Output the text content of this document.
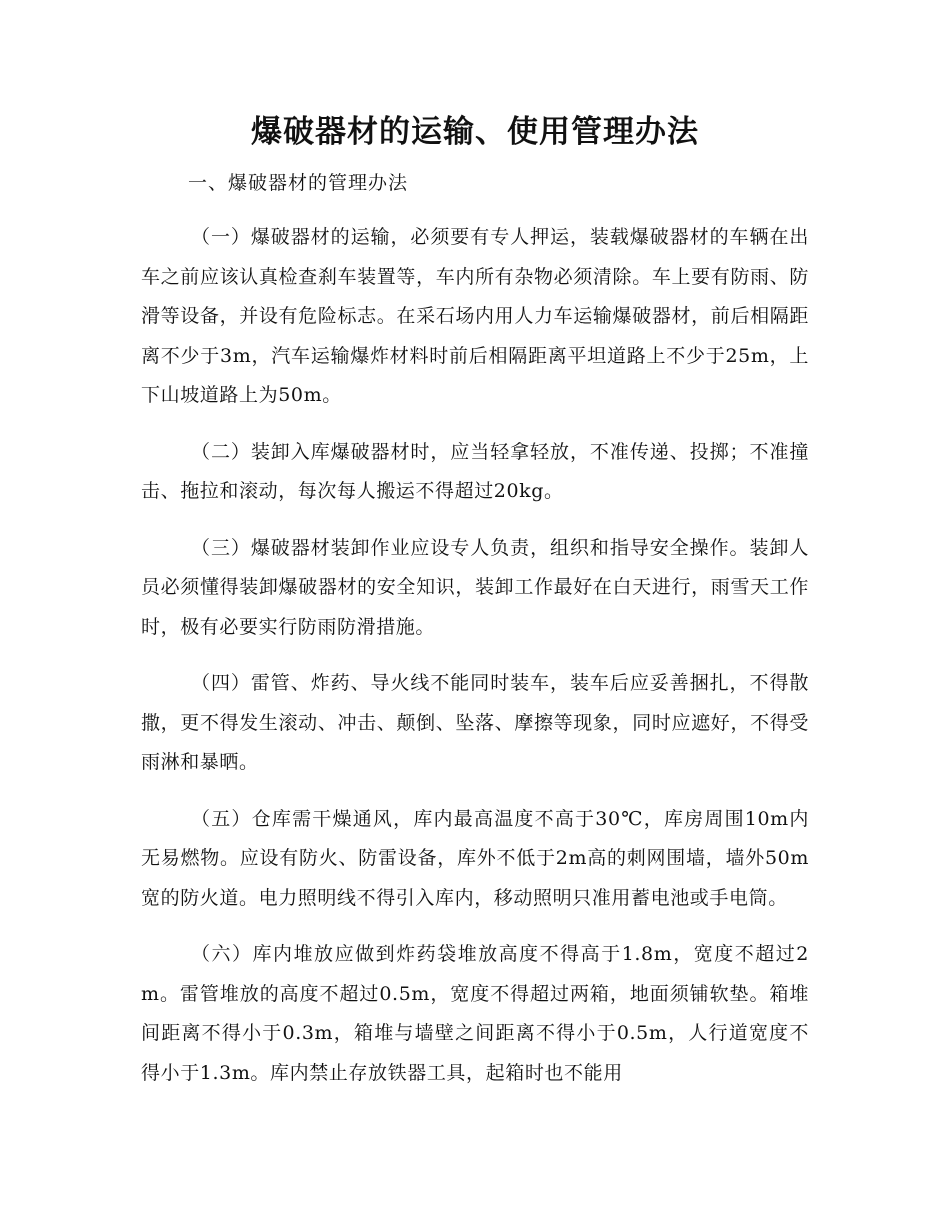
爆破器材的运输、使用管理办法

一、爆破器材的管理办法

（一）爆破器材的运输，必须要有专人押运，装载爆破器材的车辆在出车之前应该认真检查刹车装置等，车内所有杂物必须清除。车上要有防雨、防滑等设备，并设有危险标志。在采石场内用人力车运输爆破器材，前后相隔距离不少于3m，汽车运输爆炸材料时前后相隔距离平坦道路上不少于25m，上下山坡道路上为50m。

（二）装卸入库爆破器材时，应当轻拿轻放，不准传递、投掷；不准撞击、拖拉和滚动，每次每人搬运不得超过20kg。

（三）爆破器材装卸作业应设专人负责，组织和指导安全操作。装卸人员必须懂得装卸爆破器材的安全知识，装卸工作最好在白天进行，雨雪天工作时，极有必要实行防雨防滑措施。

（四）雷管、炸药、导火线不能同时装车，装车后应妥善捆扎，不得散撒，更不得发生滚动、冲击、颠倒、坠落、摩擦等现象，同时应遮好，不得受雨淋和暴晒。

（五）仓库需干燥通风，库内最高温度不高于30℃，库房周围10m内无易燃物。应设有防火、防雷设备，库外不低于2m高的刺网围墙，墙外50m宽的防火道。电力照明线不得引入库内，移动照明只准用蓄电池或手电筒。

（六）库内堆放应做到炸药袋堆放高度不得高于1.8m，宽度不超过2m。雷管堆放的高度不超过0.5m，宽度不得超过两箱，地面须铺软垫。箱堆间距离不得小于0.3m，箱堆与墙壁之间距离不得小于0.5m，人行道宽度不得小于1.3m。库内禁止存放铁器工具，起箱时也不能用
